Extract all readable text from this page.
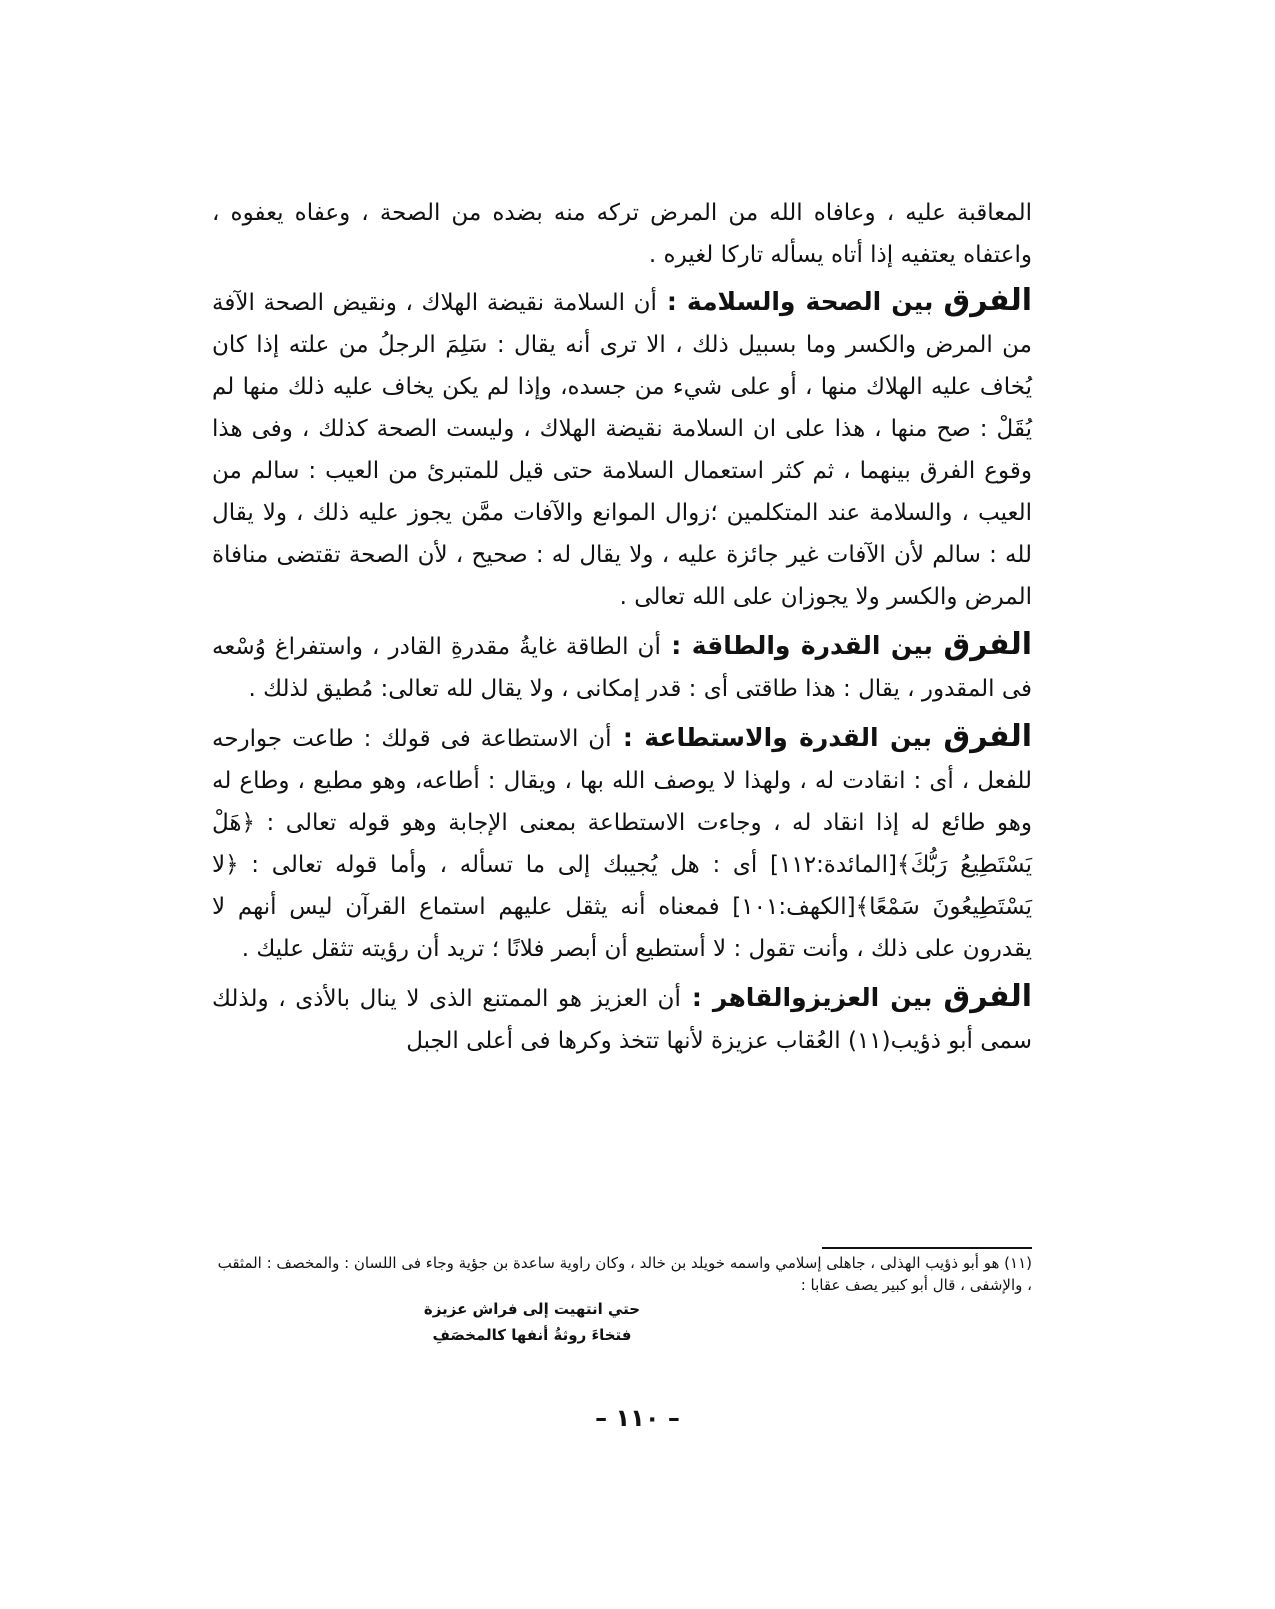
المعاقبة عليه ، وعافاه الله من المرض تركه منه بضده من الصحة ، وعفاه يعفوه ، واعتفاه يعتفيه إذا أتاه يسأله تاركا لغيره .

الفرق بين الصحة والسلامة : أن السلامة نقيضة الهلاك ، ونقيض الصحة الآفة من المرض والكسر وما بسبيل ذلك ، الا ترى أنه يقال : سَلِمَ الرجلُ من علته إذا كان يُخاف عليه الهلاك منها ، أو على شيء من جسده، وإذا لم يكن يخاف عليه ذلك منها لم يُقَلْ : صح منها ، هذا على ان السلامة نقيضة الهلاك ، وليست الصحة كذلك ، وفى هذا وقوع الفرق بينهما ، ثم كثر استعمال السلامة حتى قيل للمتبرئ من العيب : سالم من العيب ، والسلامة عند المتكلمين ؛زوال الموانع والآفات ممَّن يجوز عليه ذلك ، ولا يقال لله : سالم لأن الآفات غير جائزة عليه ، ولا يقال له : صحيح ، لأن الصحة تقتضى منافاة المرض والكسر ولا يجوزان على الله تعالى .

الفرق بين القدرة والطاقة : أن الطاقة غايةُ مقدرةِ القادر ، واستفراغ وُسْعه فى المقدور ، يقال : هذا طاقتى أى : قدر إمكانى ، ولا يقال لله تعالى: مُطيق لذلك .

الفرق بين القدرة والاستطاعة : أن الاستطاعة فى قولك : طاعت جوارحه للفعل ، أى : انقادت له ، ولهذا لا يوصف الله بها ، ويقال : أطاعه، وهو مطيع ، وطاع له وهو طائع له إذا انقاد له ، وجاءت الاستطاعة بمعنى الإجابة وهو قوله تعالى : ﴿هَلْ يَسْتَطِيعُ رَبُّكَ﴾[المائدة:١١٢] أى : هل يُجيبك إلى ما تسأله ، وأما قوله تعالى : ﴿لا يَسْتَطِيعُونَ سَمْعًا﴾[الكهف:١٠١] فمعناه أنه يثقل عليهم استماع القرآن ليس أنهم لا يقدرون على ذلك ، وأنت تقول : لا أستطيع أن أبصر فلانًا ؛ تريد أن رؤيته تثقل عليك .

الفرق بين العزيزوالقاهر : أن العزيز هو الممتنع الذى لا ينال بالأذى ، ولذلك سمى أبو ذؤيب(١١) العُقاب عزيزة لأنها تتخذ وكرها فى أعلى الجبل

(١١) هو أبو ذؤيب الهذلى ، جاهلى إسلامي واسمه خويلد بن خالد ، وكان راوية ساعدة بن جؤية وجاء فى اللسان : والمخصف : المثقب ، والإشفى ، قال أبو كبير يصف عقابا :
حتي انتهيت إلى فراش عزيزة
فتخاءَ روثةُ أنفها كالمخصَفِ
– ١١٠ –
